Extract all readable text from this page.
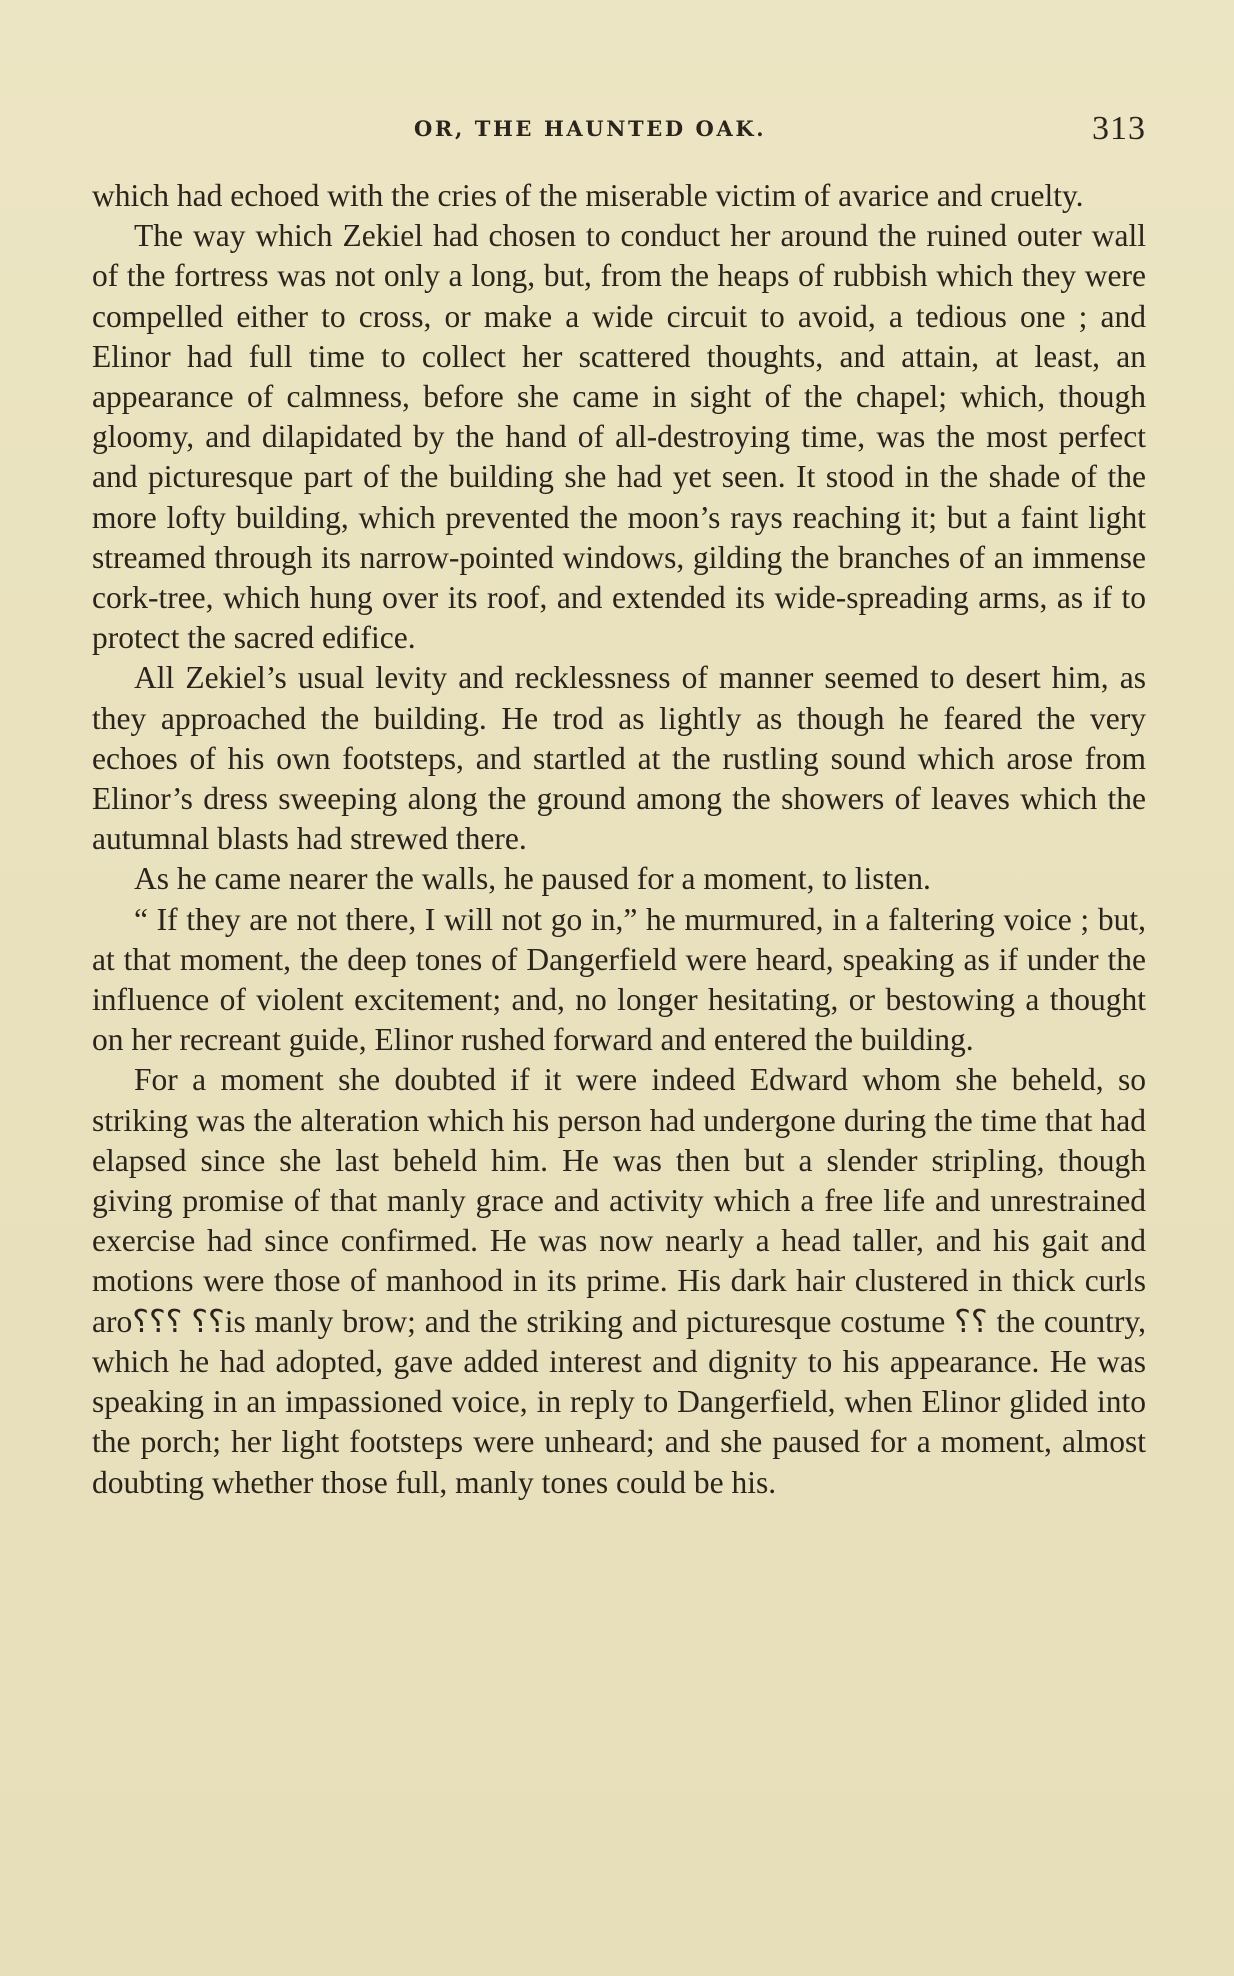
OR, THE HAUNTED OAK.	313

which had echoed with the cries of the miserable victim of avarice and cruelty.

The way which Zekiel had chosen to conduct her around the ruined outer wall of the fortress was not only a long, but, from the heaps of rubbish which they were compelled either to cross, or make a wide circuit to avoid, a tedious one ; and Elinor had full time to collect her scattered thoughts, and attain, at least, an appearance of calmness, before she came in sight of the chapel; which, though gloomy, and dilapidated by the hand of all-destroying time, was the most perfect and picturesque part of the building she had yet seen. It stood in the shade of the more lofty building, which prevented the moon’s rays reaching it; but a faint light streamed through its narrow-pointed windows, gilding the branches of an immense cork-tree, which hung over its roof, and extended its wide-spreading arms, as if to protect the sacred edifice.

All Zekiel’s usual levity and recklessness of manner seemed to desert him, as they approached the building. He trod as lightly as though he feared the very echoes of his own footsteps, and startled at the rustling sound which arose from Elinor’s dress sweeping along the ground among the showers of leaves which the autumnal blasts had strewed there.

As he came nearer the walls, he paused for a moment, to listen.

“ If they are not there, I will not go in,” he murmured, in a faltering voice ; but, at that moment, the deep tones of Dangerfield were heard, speaking as if under the influence of violent excitement; and, no longer hesitating, or bestowing a thought on her recreant guide, Elinor rushed forward and entered the building.

For a moment she doubted if it were indeed Edward whom she beheld, so striking was the alteration which his person had undergone during the time that had elapsed since she last beheld him. He was then but a slender stripling, though giving promise of that manly grace and activity which a free life and unrestrained exercise had since confirmed. He was now nearly a head taller, and his gait and motions were those of manhood in its prime. His dark hair clustered in thick curls aro⸮⸮⸮ ⸮⸮is manly brow; and the striking and picturesque costume ⸮⸮ the country, which he had adopted, gave added interest and dignity to his appearance. He was speaking in an impassioned voice, in reply to Dangerfield, when Elinor glided into the porch; her light footsteps were unheard; and she paused for a moment, almost doubting whether those full, manly tones could be his.
